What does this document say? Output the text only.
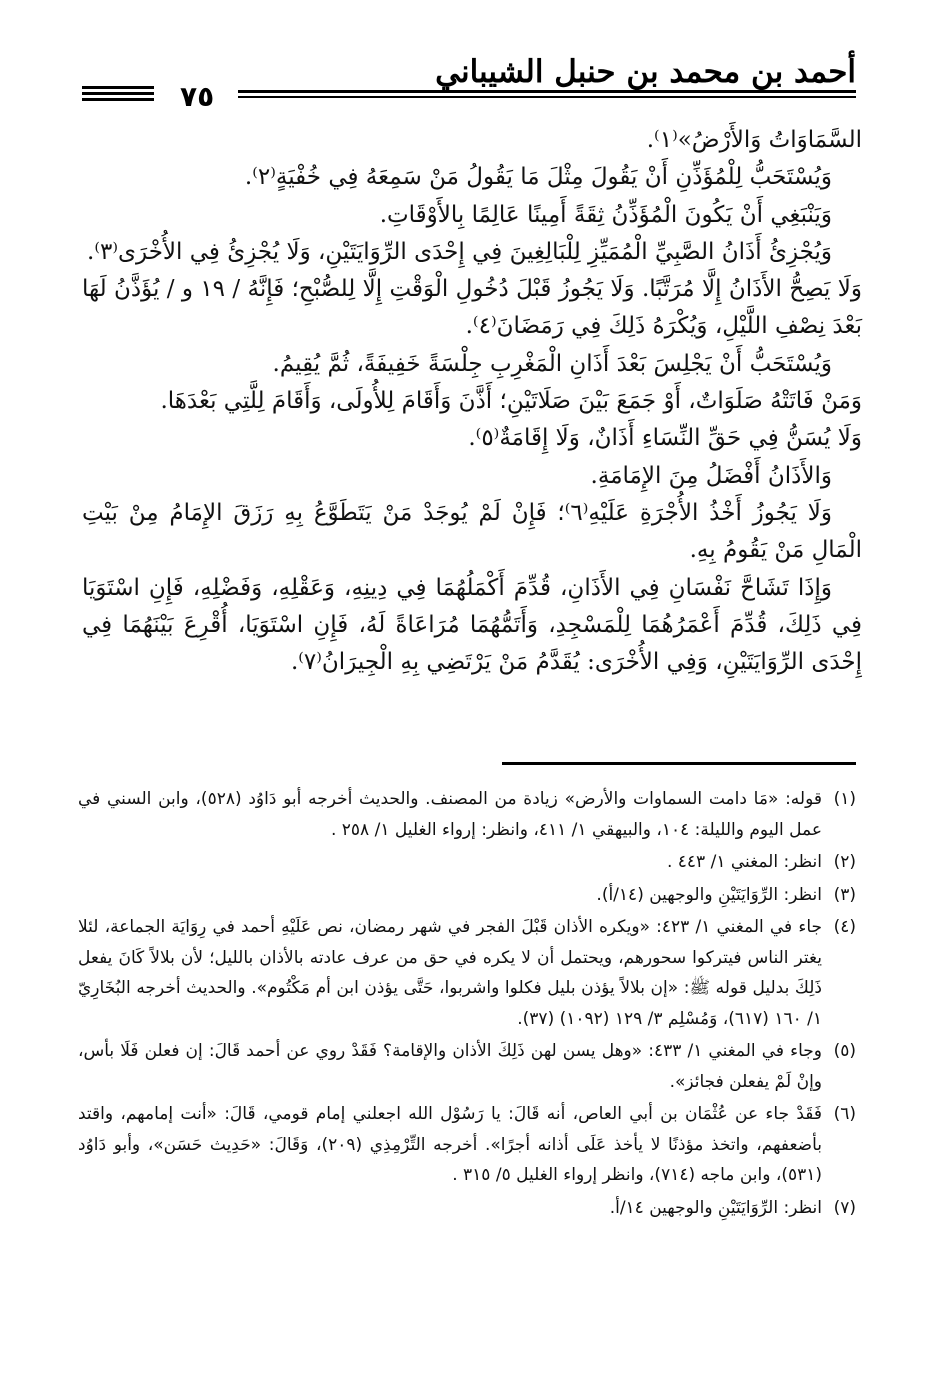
أحمد بن محمد بن حنبل الشيباني
٧٥

السَّمَاوَاتُ وَالأَرْضُ»⁽١⁾.

وَيُسْتَحَبُّ لِلْمُؤَذِّنِ أَنْ يَقُولَ مِثْلَ مَا يَقُولُ مَنْ سَمِعَهُ فِي خُفْيَةٍ⁽٢⁾.

وَيَنْبَغِي أَنْ يَكُونَ الْمُؤَذِّنُ ثِقَةً أَمِينًا عَالِمًا بِالأَوْقَاتِ.

وَيُجْزِئُ أَذَانُ الصَّبِيِّ الْمُمَيِّزِ لِلْبَالِغِينَ فِي إِحْدَى الرِّوَايَتَيْنِ، وَلَا يُجْزِئُ فِي الأُخْرَى⁽٣⁾.

وَلَا يَصِحُّ الأَذَانُ إِلَّا مُرَتَّبًا. وَلَا يَجُوزُ قَبْلَ دُخُولِ الْوَقْتِ إِلَّا لِلصُّبْحِ؛ فَإِنَّهُ / ١٩ و / يُؤَذَّنُ لَهَا بَعْدَ نِصْفِ اللَّيْلِ، وَيُكْرَهُ ذَلِكَ فِي رَمَضَانَ⁽٤⁾.

وَيُسْتَحَبُّ أَنْ يَجْلِسَ بَعْدَ أَذَانِ الْمَغْرِبِ جِلْسَةً خَفِيفَةً، ثُمَّ يُقِيمُ.

وَمَنْ فَاتَتْهُ صَلَوَاتٌ، أَوْ جَمَعَ بَيْنَ صَلَاتَيْنِ؛ أَذَّنَ وَأَقَامَ لِلأُولَى، وَأَقَامَ لِلَّتِي بَعْدَهَا.

وَلَا يُسَنُّ فِي حَقِّ النِّسَاءِ أَذَانٌ، وَلَا إِقَامَةٌ⁽٥⁾.

وَالأَذَانُ أَفْضَلُ مِنَ الإِمَامَةِ.

وَلَا يَجُوزُ أَخْذُ الأُجْرَةِ عَلَيْهِ⁽٦⁾؛ فَإِنْ لَمْ يُوجَدْ مَنْ يَتَطَوَّعُ بِهِ رَزَقَ الإِمَامُ مِنْ بَيْتِ الْمَالِ مَنْ يَقُومُ بِهِ.

وَإِذَا تَشَاحَّ نَفْسَانِ فِي الأَذَانِ، قُدِّمَ أَكْمَلُهُمَا فِي دِينِهِ، وَعَقْلِهِ، وَفَضْلِهِ، فَإِنِ اسْتَوَيَا فِي ذَلِكَ، قُدِّمَ أَعْمَرُهُمَا لِلْمَسْجِدِ، وَأَتَمُّهُمَا مُرَاعَاةً لَهُ، فَإِنِ اسْتَوَيَا، أُقْرِعَ بَيْنَهُمَا فِي إِحْدَى الرِّوَايَتَيْنِ، وَفِي الأُخْرَى: يُقَدَّمُ مَنْ يَرْتَضِي بِهِ الْجِيرَانُ⁽٧⁾.

(١)
قوله: «مَا دامت السماوات والأرض» زيادة من المصنف. والحديث أخرجه أبو دَاوُد (٥٢٨)، وابن السني في عمل اليوم والليلة: ١٠٤، والبيهقي ١/ ٤١١، وانظر: إرواء الغليل ١/ ٢٥٨ .
(٢)
انظر: المغني ١/ ٤٤٣ .
(٣)
انظر: الرِّوَايَتَيْنِ والوجهين (١٤/أ).
(٤)
جاء في المغني ١/ ٤٢٣: «ويكره الأذان قَبْلَ الفجر في شهر رمضان، نص عَلَيْهِ أحمد في رِوَايَة الجماعة، لئلا يغتر الناس فيتركوا سحورهم، ويحتمل أن لا يكره في حق من عرف عادته بالأذان بالليل؛ لأن بلالاً كَانَ يفعل ذَلِكَ بدليل قوله ﷺ: «إن بلالاً يؤذن بليل فكلوا واشربوا، حَتَّى يؤذن ابن أم مَكْتُوم». والحديث أخرجه البُخَارِيّ ١/ ١٦٠ (٦١٧)، وَمُسْلِم ٣/ ١٢٩ (١٠٩٢) (٣٧).
(٥)
وجاء في المغني ١/ ٤٣٣: «وهل يسن لهن ذَلِكَ الأذان والإقامة؟ فَقَدْ روي عن أحمد قَالَ: إن فعلن فَلَا بأس، وإنْ لَمْ يفعلن فجائز».
(٦)
فَقَدْ جاء عن عُثْمَان بن أبي العاص، أنه قَالَ: يا رَسُوْل الله اجعلني إمام قومي، قَالَ: «أنت إمامهم، واقتد بأضعفهم، واتخذ مؤذنًا لا يأخذ عَلَى أذانه أجرًا». أخرجه التِّرْمِذِي (٢٠٩)، وَقَالَ: «حَدِيث حَسَن»، وأبو دَاوُد (٥٣١)، وابن ماجه (٧١٤)، وانظر إرواء الغليل ٥/ ٣١٥ .
(٧)
انظر: الرِّوَايَتَيْنِ والوجهين ١٤/أ.
